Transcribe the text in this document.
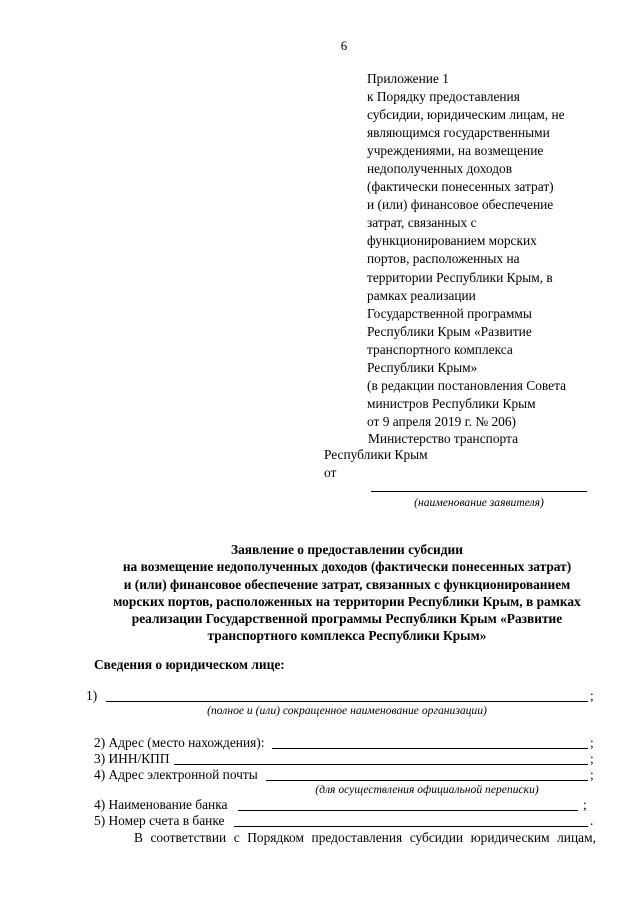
6
Приложение 1
к Порядку предоставления
субсидии, юридическим лицам, не
являющимся государственными
учреждениями, на возмещение
недополученных доходов
(фактически понесенных затрат)
и (или) финансовое обеспечение
затрат, связанных с
функционированием морских
портов, расположенных на
территории Республики Крым, в
рамках реализации
Государственной программы
Республики Крым «Развитие
транспортного комплекса
Республики Крым»
(в редакции постановления Совета
министров Республики Крым
от 9 апреля 2019 г. № 206)
Министерство транспорта
Республики Крым
от
(наименование заявителя)
Заявление о предоставлении субсидии
на возмещение недополученных доходов (фактически понесенных затрат)
и (или) финансовое обеспечение затрат, связанных с функционированием
морских портов, расположенных на территории Республики Крым, в рамках
реализации Государственной программы Республики Крым «Развитие
транспортного комплекса Республики Крым»
Сведения о юридическом лице:
1)	;
(полное и (или) сокращенное наименование организации)
2) Адрес (место нахождения):	;
3) ИНН/КПП	;
4) Адрес электронной почты	;
(для осуществления официальной переписки)
4) Наименование банка	;
5) Номер счета в банке	.
В соответствии с Порядком предоставления субсидии юридическим лицам,
